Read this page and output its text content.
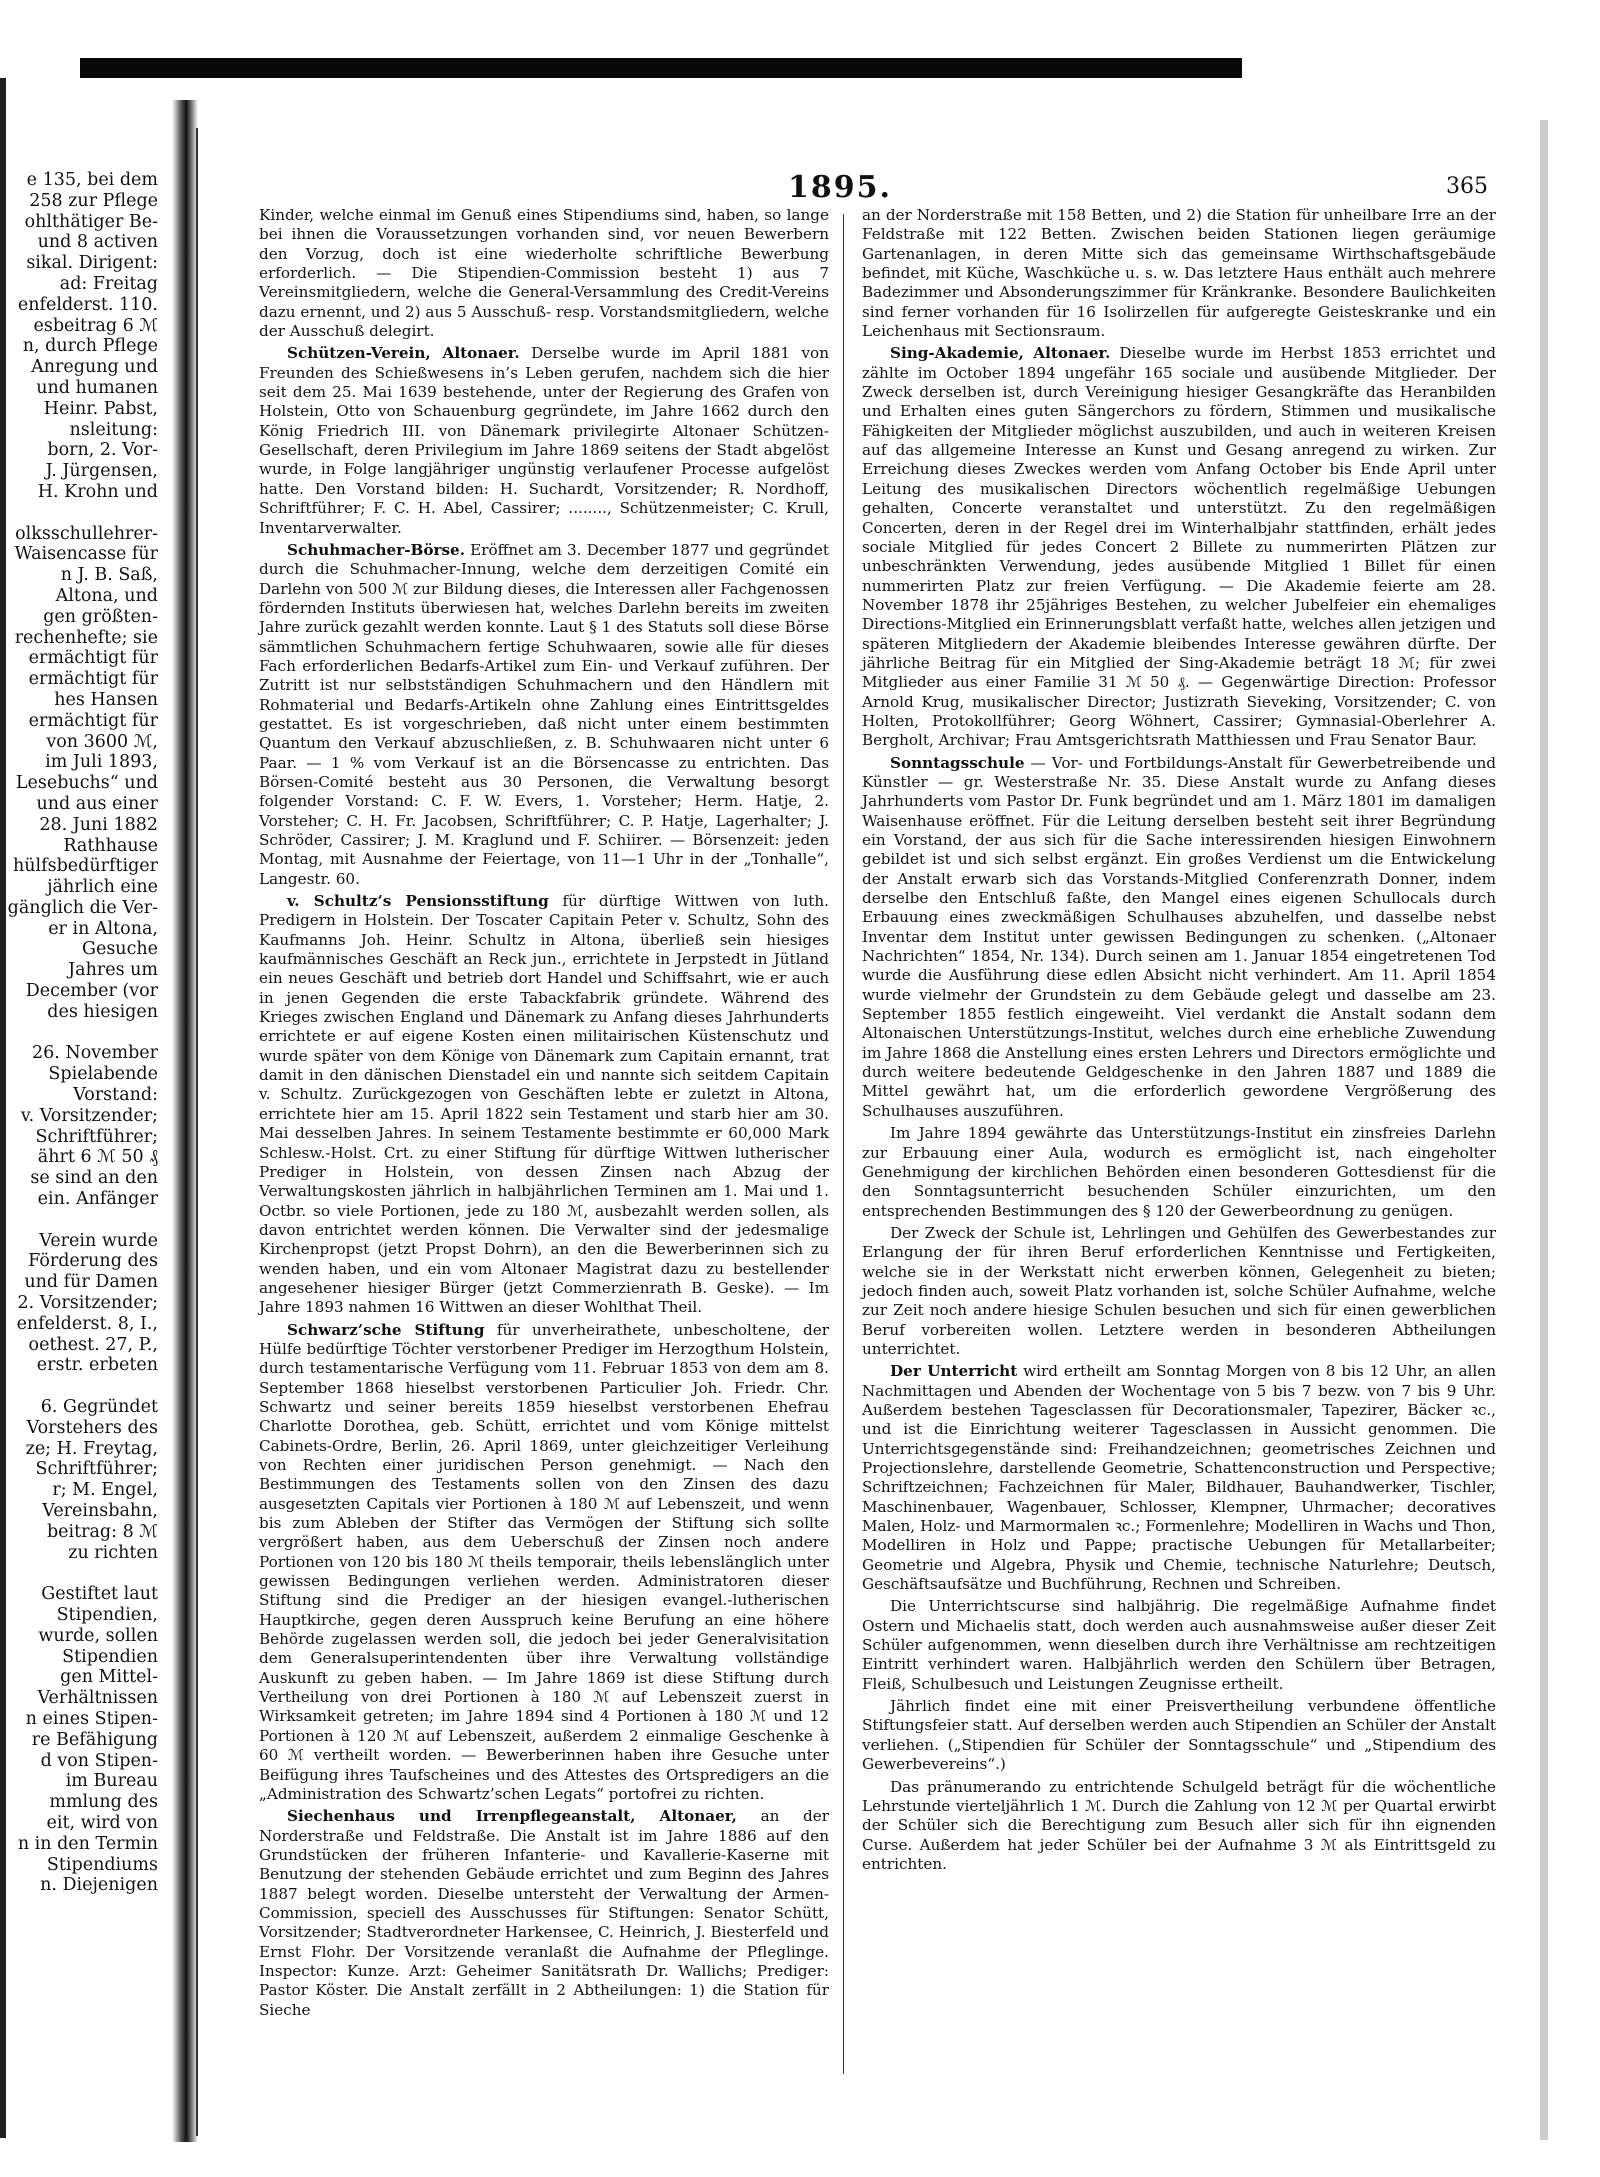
e 135, bei dem
258 zur Pflege
ohlthätiger Be-
und 8 activen
sikal. Dirigent:
ad: Freitag
enfelderst. 110.
esbeitrag 6 ℳ
n, durch Pflege
Anregung und
und humanen
Heinr. Pabst,
nsleitung:
born, 2. Vor-
J. Jürgensen,
H. Krohn und

olksschullehrer-
Waisencasse für
n J. B. Saß,
Altona, und
gen größten-
rechenhefte; sie
ermächtigt für
ermächtigt für
hes Hansen
ermächtigt für
von 3600 ℳ,
im Juli 1893,
Lesebuchs“ und
und aus einer
28. Juni 1882
Rathhause
hülfsbedürftiger
jährlich eine
gänglich die Ver-
er in Altona,
Gesuche
Jahres um
December (vor
des hiesigen

26. November
Spielabende
Vorstand:
v. Vorsitzender;
Schriftführer;
ährt 6 ℳ 50 ₰
se sind an den
ein. Anfänger

Verein wurde
Förderung des
und für Damen
2. Vorsitzender;
enfelderst. 8, I.,
oethest. 27, P.,
erstr. erbeten

6. Gegründet
Vorstehers des
ze; H. Freytag,
Schriftführer;
r; M. Engel,
Vereinsbahn,
beitrag: 8 ℳ
zu richten

Gestiftet laut
Stipendien,
wurde, sollen
Stipendien
gen Mittel-
Verhältnissen
n eines Stipen-
re Befähigung
d von Stipen-
im Bureau
mmlung des
eit, wird von
n in den Termin
Stipendiums
n. Diejenigen
1895.	365

Kinder, welche einmal im Genuß eines Stipendiums sind, haben, so lange bei ihnen die Voraussetzungen vorhanden sind, vor neuen Bewerbern den Vorzug, doch ist eine wiederholte schriftliche Bewerbung erforderlich. — Die Stipendien-Commission besteht 1) aus 7 Vereinsmitgliedern, welche die General-Versammlung des Credit-Vereins dazu ernennt, und 2) aus 5 Ausschuß- resp. Vorstandsmitgliedern, welche der Ausschuß delegirt.

Schützen-Verein, Altonaer. Derselbe wurde im April 1881 von Freunden des Schießwesens in’s Leben gerufen, nachdem sich die hier seit dem 25. Mai 1639 bestehende, unter der Regierung des Grafen von Holstein, Otto von Schauenburg gegründete, im Jahre 1662 durch den König Friedrich III. von Dänemark privilegirte Altonaer Schützen-Gesellschaft, deren Privilegium im Jahre 1869 seitens der Stadt abgelöst wurde, in Folge langjähriger ungünstig verlaufener Processe aufgelöst hatte. Den Vorstand bilden: H. Suchardt, Vorsitzender; R. Nordhoff, Schriftführer; F. C. H. Abel, Cassirer; ........, Schützenmeister; C. Krull, Inventarverwalter.

Schuhmacher-Börse. Eröffnet am 3. December 1877 und gegründet durch die Schuhmacher-Innung, welche dem derzeitigen Comité ein Darlehn von 500 ℳ zur Bildung dieses, die Interessen aller Fachgenossen fördernden Instituts überwiesen hat, welches Darlehn bereits im zweiten Jahre zurück gezahlt werden konnte. Laut § 1 des Statuts soll diese Börse sämmtlichen Schuhmachern fertige Schuhwaaren, sowie alle für dieses Fach erforderlichen Bedarfs-Artikel zum Ein- und Verkauf zuführen. Der Zutritt ist nur selbstständigen Schuhmachern und den Händlern mit Rohmaterial und Bedarfs-Artikeln ohne Zahlung eines Eintrittsgeldes gestattet. Es ist vorgeschrieben, daß nicht unter einem bestimmten Quantum den Verkauf abzuschließen, z. B. Schuhwaaren nicht unter 6 Paar. — 1 % vom Verkauf ist an die Börsencasse zu entrichten. Das Börsen-Comité besteht aus 30 Personen, die Verwaltung besorgt folgender Vorstand: C. F. W. Evers, 1. Vorsteher; Herm. Hatje, 2. Vorsteher; C. H. Fr. Jacobsen, Schriftführer; C. P. Hatje, Lagerhalter; J. Schröder, Cassirer; J. M. Kraglund und F. Schiirer. — Börsenzeit: jeden Montag, mit Ausnahme der Feiertage, von 11—1 Uhr in der „Tonhalle“, Langestr. 60.

v. Schultz’s Pensionsstiftung für dürftige Wittwen von luth. Predigern in Holstein. Der Toscater Capitain Peter v. Schultz, Sohn des Kaufmanns Joh. Heinr. Schultz in Altona, überließ sein hiesiges kaufmännisches Geschäft an Reck jun., errichtete in Jerpstedt in Jütland ein neues Geschäft und betrieb dort Handel und Schiffsahrt, wie er auch in jenen Gegenden die erste Tabackfabrik gründete. Während des Krieges zwischen England und Dänemark zu Anfang dieses Jahrhunderts errichtete er auf eigene Kosten einen militairischen Küstenschutz und wurde später von dem Könige von Dänemark zum Capitain ernannt, trat damit in den dänischen Dienstadel ein und nannte sich seitdem Capitain v. Schultz. Zurückgezogen von Geschäften lebte er zuletzt in Altona, errichtete hier am 15. April 1822 sein Testament und starb hier am 30. Mai desselben Jahres. In seinem Testamente bestimmte er 60,000 Mark Schlesw.-Holst. Crt. zu einer Stiftung für dürftige Wittwen lutherischer Prediger in Holstein, von dessen Zinsen nach Abzug der Verwaltungskosten jährlich in halbjährlichen Terminen am 1. Mai und 1. Octbr. so viele Portionen, jede zu 180 ℳ, ausbezahlt werden sollen, als davon entrichtet werden können. Die Verwalter sind der jedesmalige Kirchenpropst (jetzt Propst Dohrn), an den die Bewerberinnen sich zu wenden haben, und ein vom Altonaer Magistrat dazu zu bestellender angesehener hiesiger Bürger (jetzt Commerzienrath B. Geske). — Im Jahre 1893 nahmen 16 Wittwen an dieser Wohlthat Theil.

Schwarz’sche Stiftung für unverheirathete, unbescholtene, der Hülfe bedürftige Töchter verstorbener Prediger im Herzogthum Holstein, durch testamentarische Verfügung vom 11. Februar 1853 von dem am 8. September 1868 hieselbst verstorbenen Particulier Joh. Friedr. Chr. Schwartz und seiner bereits 1859 hieselbst verstorbenen Ehefrau Charlotte Dorothea, geb. Schütt, errichtet und vom Könige mittelst Cabinets-Ordre, Berlin, 26. April 1869, unter gleichzeitiger Verleihung von Rechten einer juridischen Person genehmigt. — Nach den Bestimmungen des Testaments sollen von den Zinsen des dazu ausgesetzten Capitals vier Portionen à 180 ℳ auf Lebenszeit, und wenn bis zum Ableben der Stifter das Vermögen der Stiftung sich sollte vergrößert haben, aus dem Ueberschuß der Zinsen noch andere Portionen von 120 bis 180 ℳ theils temporair, theils lebenslänglich unter gewissen Bedingungen verliehen werden. Administratoren dieser Stiftung sind die Prediger an der hiesigen evangel.-lutherischen Hauptkirche, gegen deren Ausspruch keine Berufung an eine höhere Behörde zugelassen werden soll, die jedoch bei jeder Generalvisitation dem Generalsuperintendenten über ihre Verwaltung vollständige Auskunft zu geben haben. — Im Jahre 1869 ist diese Stiftung durch Vertheilung von drei Portionen à 180 ℳ auf Lebenszeit zuerst in Wirksamkeit getreten; im Jahre 1894 sind 4 Portionen à 180 ℳ und 12 Portionen à 120 ℳ auf Lebenszeit, außerdem 2 einmalige Geschenke à 60 ℳ vertheilt worden. — Bewerberinnen haben ihre Gesuche unter Beifügung ihres Taufscheines und des Attestes des Ortspredigers an die „Administration des Schwartz’schen Legats“ portofrei zu richten.

Siechenhaus und Irrenpflegeanstalt, Altonaer, an der Norderstraße und Feldstraße. Die Anstalt ist im Jahre 1886 auf den Grundstücken der früheren Infanterie- und Kavallerie-Kaserne mit Benutzung der stehenden Gebäude errichtet und zum Beginn des Jahres 1887 belegt worden. Dieselbe untersteht der Verwaltung der Armen-Commission, speciell des Ausschusses für Stiftungen: Senator Schütt, Vorsitzender; Stadtverordneter Harkensee, C. Heinrich, J. Biesterfeld und Ernst Flohr. Der Vorsitzende veranlaßt die Aufnahme der Pfleglinge. Inspector: Kunze. Arzt: Geheimer Sanitätsrath Dr. Wallichs; Prediger: Pastor Köster. Die Anstalt zerfällt in 2 Abtheilungen: 1) die Station für Sieche

an der Norderstraße mit 158 Betten, und 2) die Station für unheilbare Irre an der Feldstraße mit 122 Betten. Zwischen beiden Stationen liegen geräumige Gartenanlagen, in deren Mitte sich das gemeinsame Wirthschaftsgebäude befindet, mit Küche, Waschküche u. s. w. Das letztere Haus enthält auch mehrere Badezimmer und Absonderungszimmer für Kränkranke. Besondere Baulichkeiten sind ferner vorhanden für 16 Isolirzellen für aufgeregte Geisteskranke und ein Leichenhaus mit Sectionsraum.

Sing-Akademie, Altonaer. Dieselbe wurde im Herbst 1853 errichtet und zählte im October 1894 ungefähr 165 sociale und ausübende Mitglieder. Der Zweck derselben ist, durch Vereinigung hiesiger Gesangkräfte das Heranbilden und Erhalten eines guten Sängerchors zu fördern, Stimmen und musikalische Fähigkeiten der Mitglieder möglichst auszubilden, und auch in weiteren Kreisen auf das allgemeine Interesse an Kunst und Gesang anregend zu wirken. Zur Erreichung dieses Zweckes werden vom Anfang October bis Ende April unter Leitung des musikalischen Directors wöchentlich regelmäßige Uebungen gehalten, Concerte veranstaltet und unterstützt. Zu den regelmäßigen Concerten, deren in der Regel drei im Winterhalbjahr stattfinden, erhält jedes sociale Mitglied für jedes Concert 2 Billete zu nummerirten Plätzen zur unbeschränkten Verwendung, jedes ausübende Mitglied 1 Billet für einen nummerirten Platz zur freien Verfügung. — Die Akademie feierte am 28. November 1878 ihr 25jähriges Bestehen, zu welcher Jubelfeier ein ehemaliges Directions-Mitglied ein Erinnerungsblatt verfaßt hatte, welches allen jetzigen und späteren Mitgliedern der Akademie bleibendes Interesse gewähren dürfte. Der jährliche Beitrag für ein Mitglied der Sing-Akademie beträgt 18 ℳ; für zwei Mitglieder aus einer Familie 31 ℳ 50 ₰. — Gegenwärtige Direction: Professor Arnold Krug, musikalischer Director; Justizrath Sieveking, Vorsitzender; C. von Holten, Protokollführer; Georg Wöhnert, Cassirer; Gymnasial-Oberlehrer A. Bergholt, Archivar; Frau Amtsgerichtsrath Matthiessen und Frau Senator Baur.

Sonntagsschule — Vor- und Fortbildungs-Anstalt für Gewerbetreibende und Künstler — gr. Westerstraße Nr. 35. Diese Anstalt wurde zu Anfang dieses Jahrhunderts vom Pastor Dr. Funk begründet und am 1. März 1801 im damaligen Waisenhause eröffnet. Für die Leitung derselben besteht seit ihrer Begründung ein Vorstand, der aus sich für die Sache interessirenden hiesigen Einwohnern gebildet ist und sich selbst ergänzt. Ein großes Verdienst um die Entwickelung der Anstalt erwarb sich das Vorstands-Mitglied Conferenzrath Donner, indem derselbe den Entschluß faßte, den Mangel eines eigenen Schullocals durch Erbauung eines zweckmäßigen Schulhauses abzuhelfen, und dasselbe nebst Inventar dem Institut unter gewissen Bedingungen zu schenken. („Altonaer Nachrichten“ 1854, Nr. 134). Durch seinen am 1. Januar 1854 eingetretenen Tod wurde die Ausführung diese edlen Absicht nicht verhindert. Am 11. April 1854 wurde vielmehr der Grundstein zu dem Gebäude gelegt und dasselbe am 23. September 1855 festlich eingeweiht. Viel verdankt die Anstalt sodann dem Altonaischen Unterstützungs-Institut, welches durch eine erhebliche Zuwendung im Jahre 1868 die Anstellung eines ersten Lehrers und Directors ermöglichte und durch weitere bedeutende Geldgeschenke in den Jahren 1887 und 1889 die Mittel gewährt hat, um die erforderlich gewordene Vergrößerung des Schulhauses auszuführen.

Im Jahre 1894 gewährte das Unterstützungs-Institut ein zinsfreies Darlehn zur Erbauung einer Aula, wodurch es ermöglicht ist, nach eingeholter Genehmigung der kirchlichen Behörden einen besonderen Gottesdienst für die den Sonntagsunterricht besuchenden Schüler einzurichten, um den entsprechenden Bestimmungen des § 120 der Gewerbeordnung zu genügen.

Der Zweck der Schule ist, Lehrlingen und Gehülfen des Gewerbestandes zur Erlangung der für ihren Beruf erforderlichen Kenntnisse und Fertigkeiten, welche sie in der Werkstatt nicht erwerben können, Gelegenheit zu bieten; jedoch finden auch, soweit Platz vorhanden ist, solche Schüler Aufnahme, welche zur Zeit noch andere hiesige Schulen besuchen und sich für einen gewerblichen Beruf vorbereiten wollen. Letztere werden in besonderen Abtheilungen unterrichtet.

Der Unterricht wird ertheilt am Sonntag Morgen von 8 bis 12 Uhr, an allen Nachmittagen und Abenden der Wochentage von 5 bis 7 bezw. von 7 bis 9 Uhr. Außerdem bestehen Tagesclassen für Decorationsmaler, Tapezirer, Bäcker ꝛc., und ist die Einrichtung weiterer Tagesclassen in Aussicht genommen. Die Unterrichtsgegenstände sind: Freihandzeichnen; geometrisches Zeichnen und Projectionslehre, darstellende Geometrie, Schattenconstruction und Perspective; Schriftzeichnen; Fachzeichnen für Maler, Bildhauer, Bauhandwerker, Tischler, Maschinenbauer, Wagenbauer, Schlosser, Klempner, Uhrmacher; decoratives Malen, Holz- und Marmormalen ꝛc.; Formenlehre; Modelliren in Wachs und Thon, Modelliren in Holz und Pappe; practische Uebungen für Metallarbeiter; Geometrie und Algebra, Physik und Chemie, technische Naturlehre; Deutsch, Geschäftsaufsätze und Buchführung, Rechnen und Schreiben.

Die Unterrichtscurse sind halbjährig. Die regelmäßige Aufnahme findet Ostern und Michaelis statt, doch werden auch ausnahmsweise außer dieser Zeit Schüler aufgenommen, wenn dieselben durch ihre Verhältnisse am rechtzeitigen Eintritt verhindert waren. Halbjährlich werden den Schülern über Betragen, Fleiß, Schulbesuch und Leistungen Zeugnisse ertheilt.

Jährlich findet eine mit einer Preisvertheilung verbundene öffentliche Stiftungsfeier statt. Auf derselben werden auch Stipendien an Schüler der Anstalt verliehen. („Stipendien für Schüler der Sonntagsschule“ und „Stipendium des Gewerbevereins“.)

Das pränumerando zu entrichtende Schulgeld beträgt für die wöchentliche Lehrstunde vierteljährlich 1 ℳ. Durch die Zahlung von 12 ℳ per Quartal erwirbt der Schüler sich die Berechtigung zum Besuch aller sich für ihn eignenden Curse. Außerdem hat jeder Schüler bei der Aufnahme 3 ℳ als Eintrittsgeld zu entrichten.
